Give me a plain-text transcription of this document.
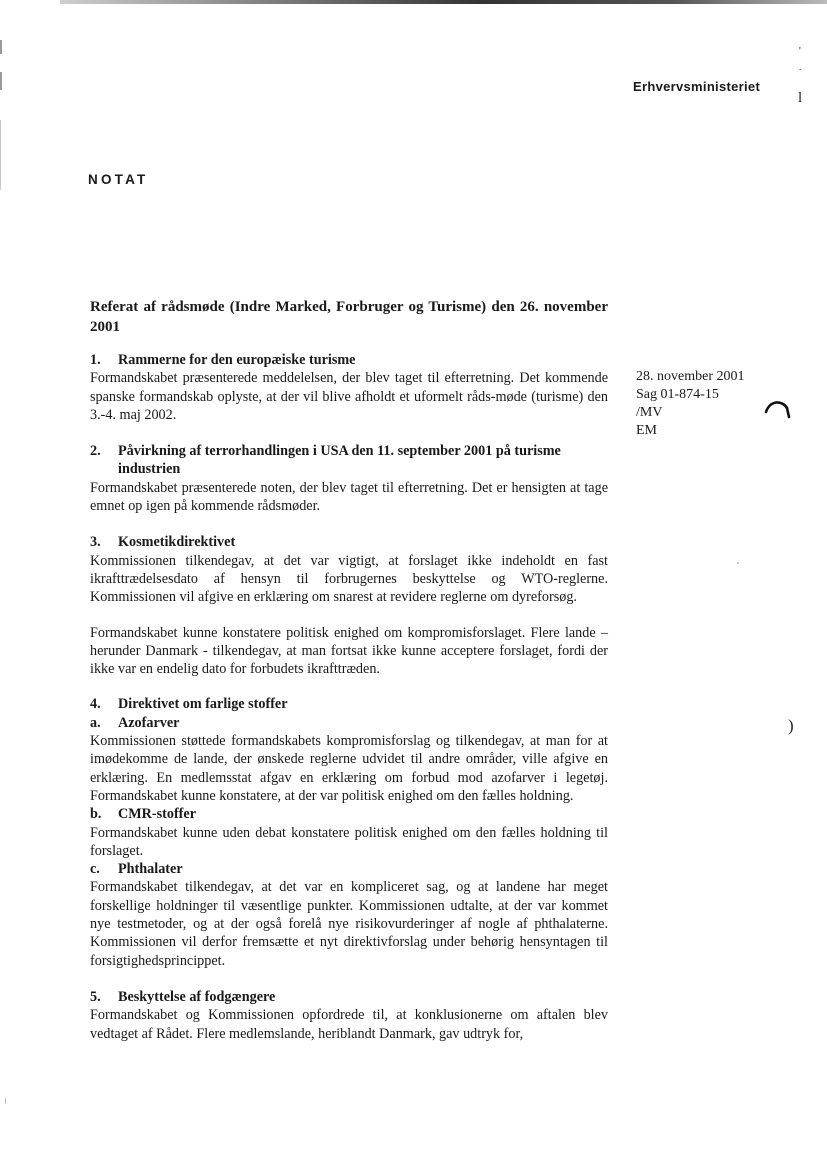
Erhvervsministeriet
NOTAT
'
.
l
)
28. november 2001
Sag 01-874-15
/MV
EM

Referat af rådsmøde (Indre Marked, Forbruger og Turisme) den 26. november 2001

1.	Rammerne for den europæiske turisme

Formandskabet præsenterede meddelelsen, der blev taget til efterretning. Det kommende spanske formandskab oplyste, at der vil blive afholdt et uformelt råds-møde (turisme) den 3.-4. maj 2002.

2.	Påvirkning af terrorhandlingen i USA den 11. september 2001 på turisme industrien

Formandskabet præsenterede noten, der blev taget til efterretning. Det er hensigten at tage emnet op igen på kommende rådsmøder.

3.	Kosmetikdirektivet

Kommissionen tilkendegav, at det var vigtigt, at forslaget ikke indeholdt en fast ikrafttrædelsesdato af hensyn til forbrugernes beskyttelse og WTO-reglerne. Kommissionen vil afgive en erklæring om snarest at revidere reglerne om dyreforsøg.

Formandskabet kunne konstatere politisk enighed om kompromisforslaget. Flere lande – herunder Danmark - tilkendegav, at man fortsat ikke kunne acceptere forslaget, fordi der ikke var en endelig dato for forbudets ikrafttræden.

4.	Direktivet om farlige stoffer
a.	Azofarver

Kommissionen støttede formandskabets kompromisforslag og tilkendegav, at man for at imødekomme de lande, der ønskede reglerne udvidet til andre områder, ville afgive en erklæring. En medlemsstat afgav en erklæring om forbud mod azofarver i legetøj. Formandskabet kunne konstatere, at der var politisk enighed om den fælles holdning.

b.	CMR-stoffer

Formandskabet kunne uden debat konstatere politisk enighed om den fælles holdning til forslaget.

c.	Phthalater

Formandskabet tilkendegav, at det var en kompliceret sag, og at landene har meget forskellige holdninger til væsentlige punkter. Kommissionen udtalte, at der var kommet nye testmetoder, og at der også forelå nye risikovurderinger af nogle af phthalaterne. Kommissionen vil derfor fremsætte et nyt direktivforslag under behørig hensyntagen til forsigtighedsprincippet.

5.	Beskyttelse af fodgængere

Formandskabet og Kommissionen opfordrede til, at konklusionerne om aftalen blev vedtaget af Rådet. Flere medlemslande, heriblandt Danmark, gav udtryk for,
